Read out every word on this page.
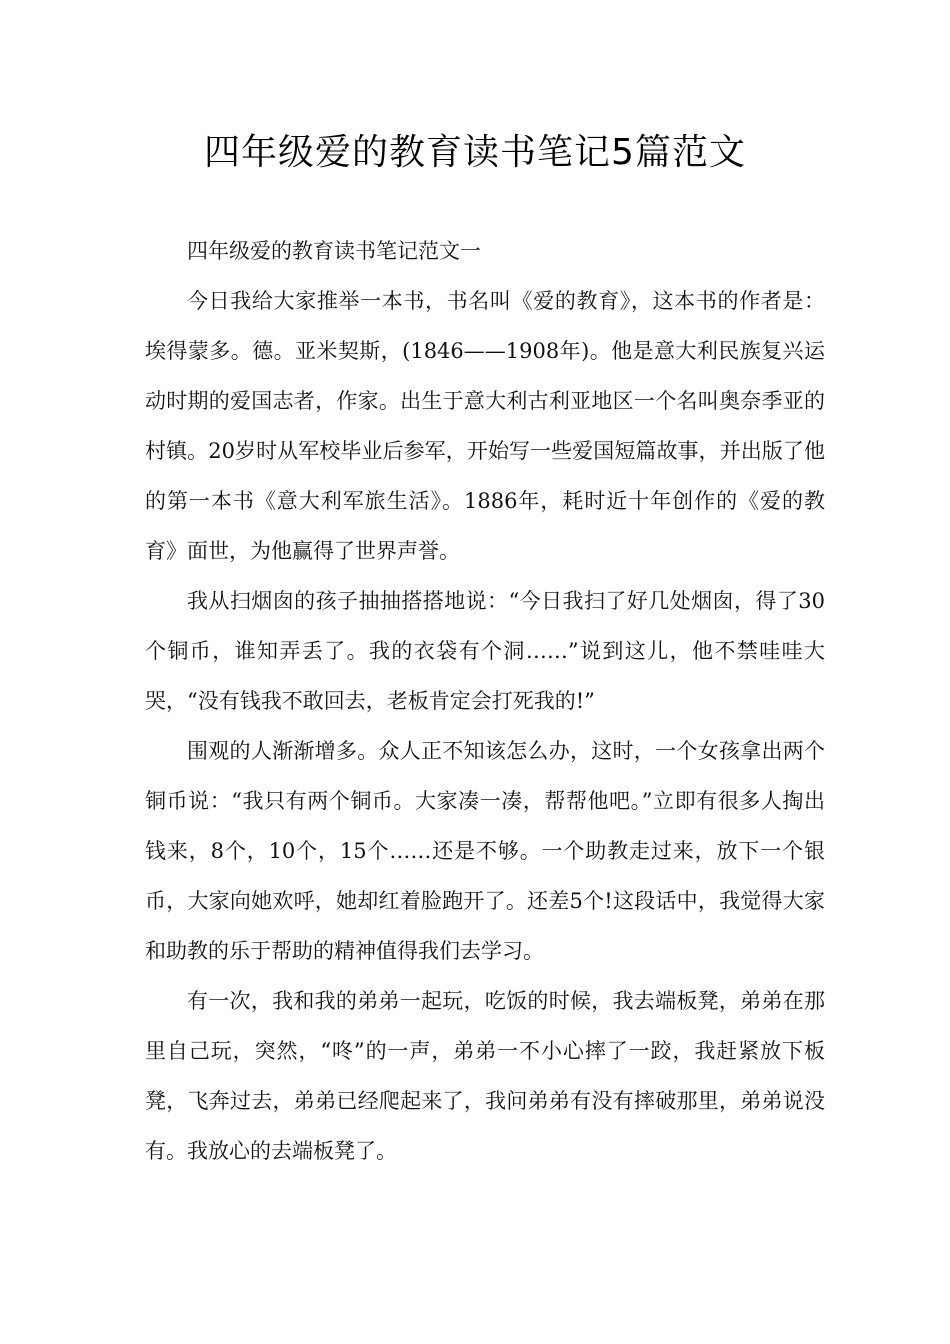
四年级爱的教育读书笔记5篇范文

四年级爱的教育读书笔记范文一

今日我给大家推举一本书，书名叫《爱的教育》，这本书的作者是：埃得蒙多。德。亚米契斯，(1846——1908年)。他是意大利民族复兴运动时期的爱国志者，作家。出生于意大利古利亚地区一个名叫奥奈季亚的村镇。20岁时从军校毕业后参军，开始写一些爱国短篇故事，并出版了他的第一本书《意大利军旅生活》。1886年，耗时近十年创作的《爱的教育》面世，为他赢得了世界声誉。

我从扫烟囱的孩子抽抽搭搭地说：“今日我扫了好几处烟囱，得了30个铜币，谁知弄丢了。我的衣袋有个洞……”说到这儿，他不禁哇哇大哭，“没有钱我不敢回去，老板肯定会打死我的!”

围观的人渐渐增多。众人正不知该怎么办，这时，一个女孩拿出两个铜币说：“我只有两个铜币。大家凑一凑，帮帮他吧。”立即有很多人掏出钱来，8个，10个，15个……还是不够。一个助教走过来，放下一个银币，大家向她欢呼，她却红着脸跑开了。还差5个!这段话中，我觉得大家和助教的乐于帮助的精神值得我们去学习。

有一次，我和我的弟弟一起玩，吃饭的时候，我去端板凳，弟弟在那里自己玩，突然，“咚”的一声，弟弟一不小心摔了一跤，我赶紧放下板凳，飞奔过去，弟弟已经爬起来了，我问弟弟有没有摔破那里，弟弟说没有。我放心的去端板凳了。
